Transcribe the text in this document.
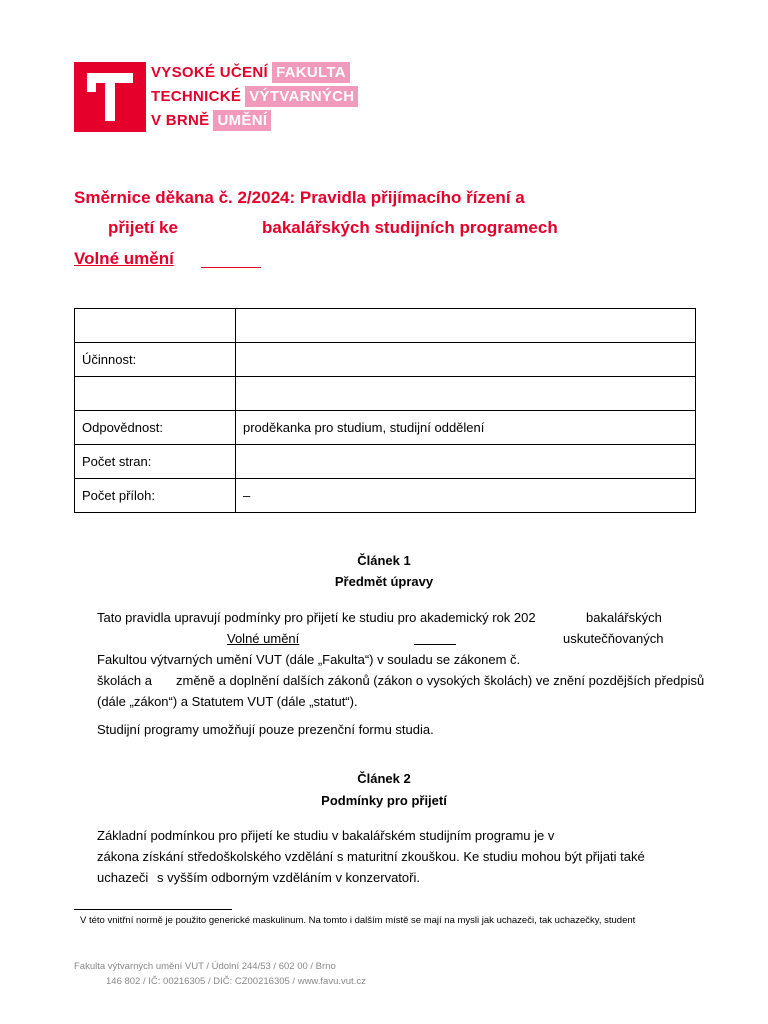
VYSOKÉ UČENÍ FAKULTA
TECHNICKÉ VÝTVARNÝCH
V BRNĚ UMĚNÍ
Směrnice děkana č. 2/2024: Pravidla přijímacího řízení a
přijetí ke	bakalářských studijních programech
Volné umění

Účinnost:	

Odpovědnost:	proděkanka pro studium, studijní oddělení
Počet stran:	
Počet příloh:	–
Článek 1
Předmět úpravy
Tato pravidla upravují podmínky pro přijetí ke studiu pro akademický rok 202	bakalářských
Volné umění	uskutečňovaných
Fakultou výtvarných umění VUT (dále „Fakulta“) v souladu se zákonem č.
školách a změně a doplnění dalších zákonů (zákon o vysokých školách) ve znění pozdějších předpisů
(dále „zákon“) a Statutem VUT (dále „statut“).
Studijní programy umožňují pouze prezenční formu studia.
Článek 2
Podmínky pro přijetí
Základní podmínkou pro přijetí ke studiu v bakalářském studijním programu je v
zákona získání středoškolského vzdělání s maturitní zkouškou. Ke studiu mohou být přijati také
uchazeči s vyšším odborným vzděláním v konzervatoři.
V této vnitřní normě je použito generické maskulinum. Na tomto i dalším místě se mají na mysli jak uchazeči, tak uchazečky, student
Fakulta výtvarných umění VUT / Údolní 244/53 / 602 00 / Brno
146 802 / IČ: 00216305 / DIČ: CZ00216305 / www.favu.vut.cz
